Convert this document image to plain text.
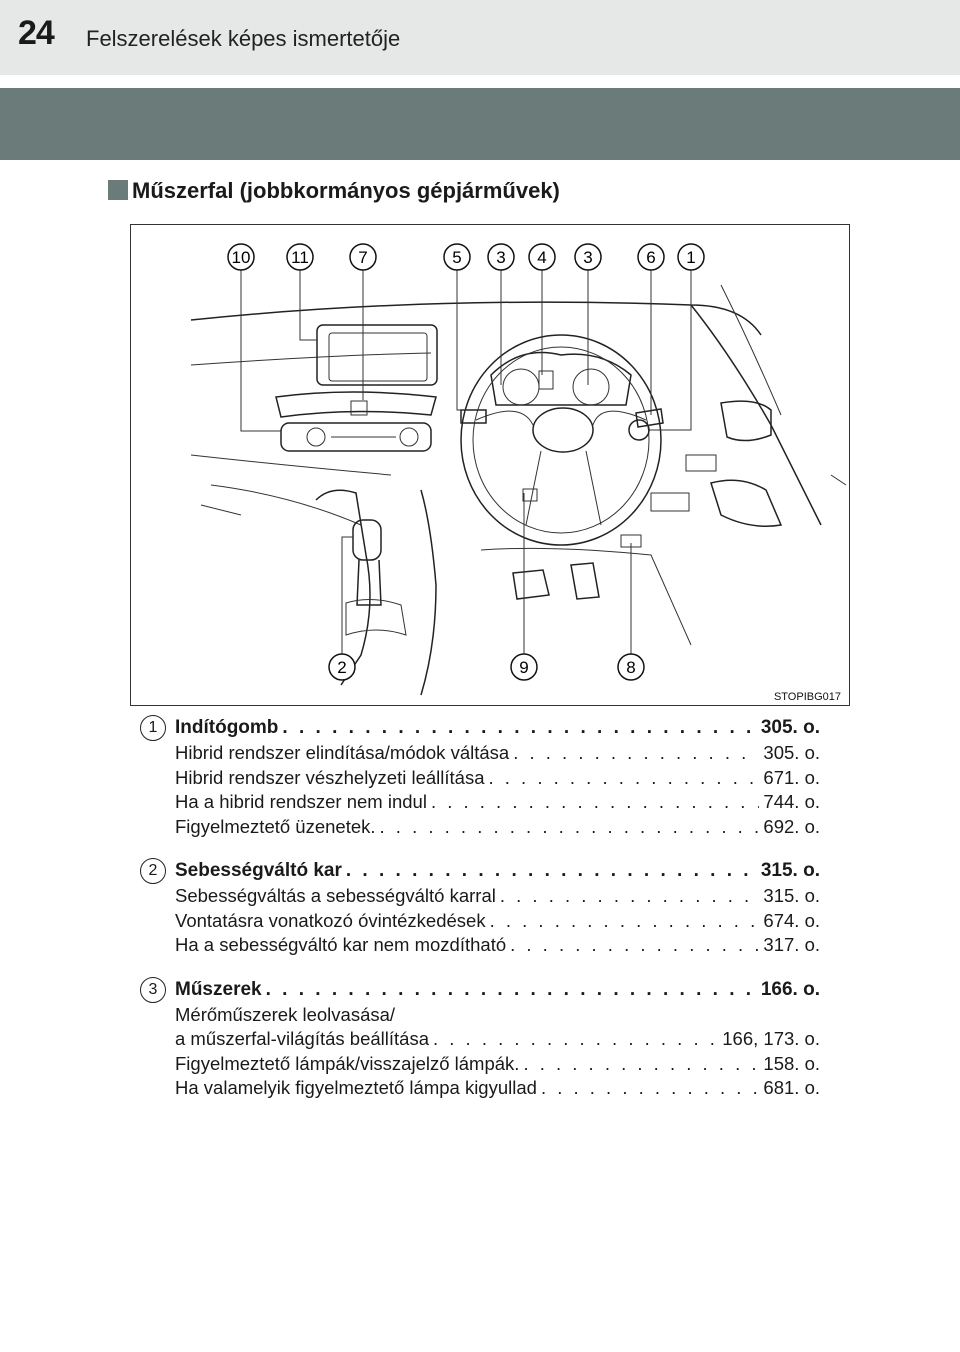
24 Felszerelések képes ismertetője
Műszerfal (jobbkormányos gépjárművek)
10 11	7	5 3 4 3	6 1
2	9	8
STOPIBG017
1 Indítógomb . . .	305. o.
Hibrid rendszer elindítása/módok váltása . . .	305. o.
Hibrid rendszer vészhelyzeti leállítása . . .	671. o.
Ha a hibrid rendszer nem indul . . .	744. o.
Figyelmeztető üzenetek. . . .	692. o.
2 Sebességváltó kar . . .	315. o.
Sebességváltás a sebességváltó karral . . .	315. o.
Vontatásra vonatkozó óvintézkedések . . .	674. o.
Ha a sebességváltó kar nem mozdítható . . .	317. o.
3 Műszerek . . .	166. o.
Mérőműszerek leolvasása/
a műszerfal-világítás beállítása . . .	166, 173. o.
Figyelmeztető lámpák/visszajelző lámpák. . . .	158. o.
Ha valamelyik figyelmeztető lámpa kigyullad . . .	681. o.
